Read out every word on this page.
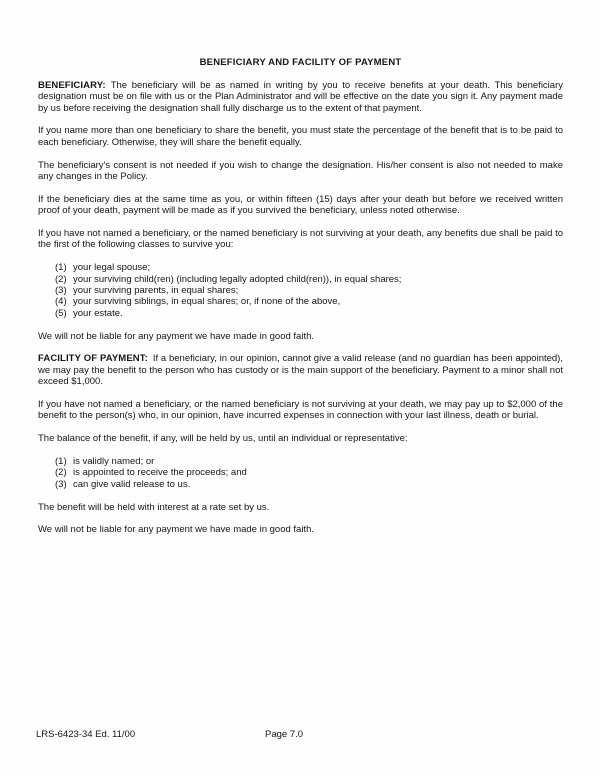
BENEFICIARY AND FACILITY OF PAYMENT

BENEFICIARY: The beneficiary will be as named in writing by you to receive benefits at your death. This beneficiary designation must be on file with us or the Plan Administrator and will be effective on the date you sign it. Any payment made by us before receiving the designation shall fully discharge us to the extent of that payment.

If you name more than one beneficiary to share the benefit, you must state the percentage of the benefit that is to be paid to each beneficiary. Otherwise, they will share the benefit equally.

The beneficiary's consent is not needed if you wish to change the designation. His/her consent is also not needed to make any changes in the Policy.

If the beneficiary dies at the same time as you, or within fifteen (15) days after your death but before we received written proof of your death, payment will be made as if you survived the beneficiary, unless noted otherwise.

If you have not named a beneficiary, or the named beneficiary is not surviving at your death, any benefits due shall be paid to the first of the following classes to survive you:

(1) your legal spouse;
(2) your surviving child(ren) (including legally adopted child(ren)), in equal shares;
(3) your surviving parents, in equal shares;
(4) your surviving siblings, in equal shares; or, if none of the above,
(5) your estate.

We will not be liable for any payment we have made in good faith.

FACILITY OF PAYMENT: If a beneficiary, in our opinion, cannot give a valid release (and no guardian has been appointed), we may pay the benefit to the person who has custody or is the main support of the beneficiary. Payment to a minor shall not exceed $1,000.

If you have not named a beneficiary, or the named beneficiary is not surviving at your death, we may pay up to $2,000 of the benefit to the person(s) who, in our opinion, have incurred expenses in connection with your last illness, death or burial.

The balance of the benefit, if any, will be held by us, until an individual or representative:

(1) is validly named; or
(2) is appointed to receive the proceeds; and
(3) can give valid release to us.

The benefit will be held with interest at a rate set by us.

We will not be liable for any payment we have made in good faith.

LRS-6423-34 Ed. 11/00	Page 7.0
